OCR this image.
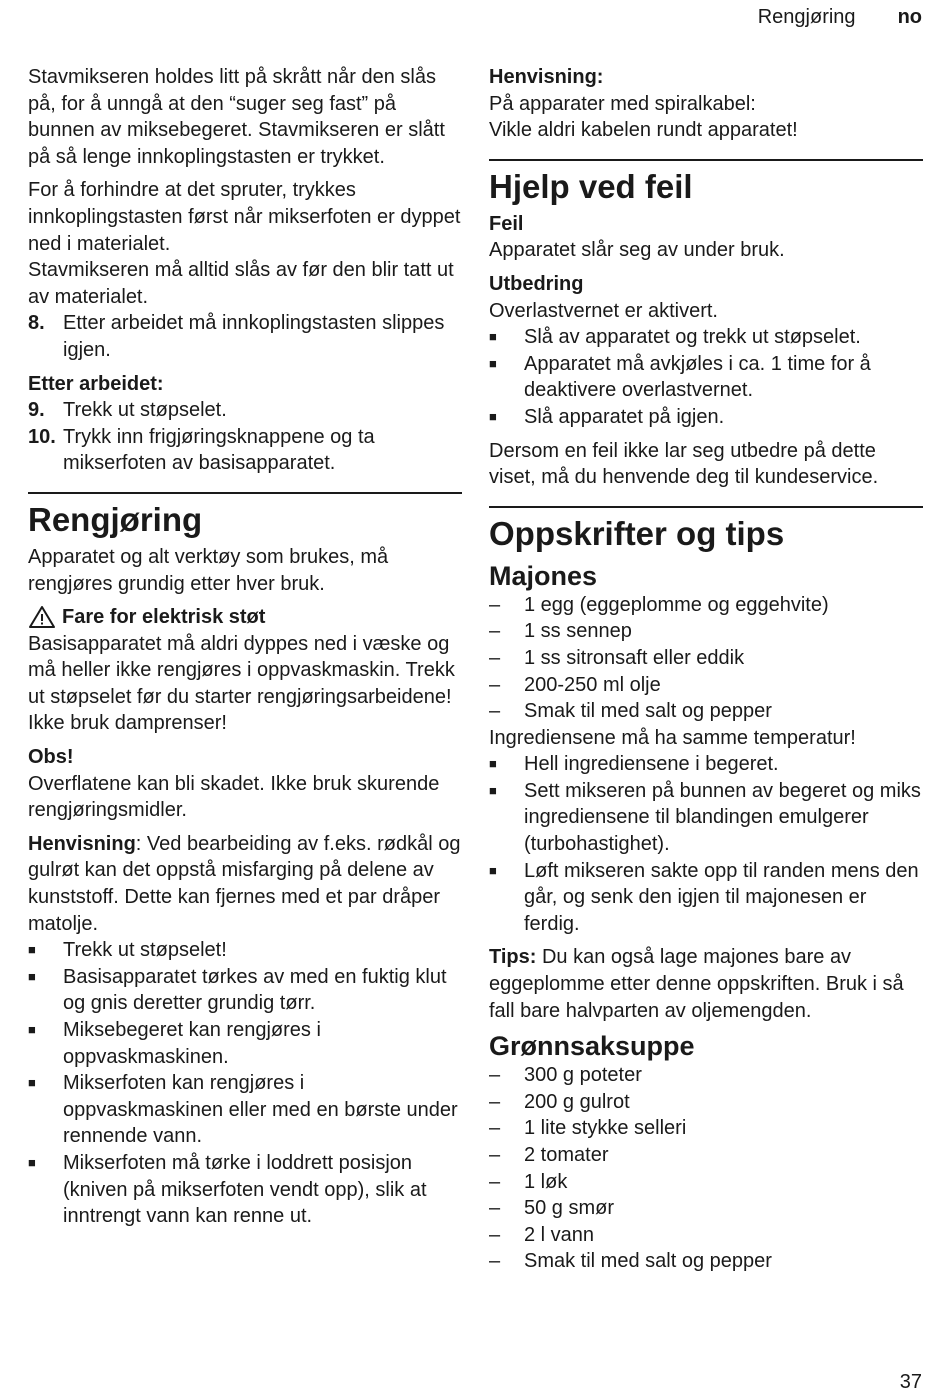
Rengjøring no

Stavmikseren holdes litt på skrått når den slås på, for å unngå at den “suger seg fast” på bunnen av miksebegeret. Stavmikseren er slått på så lenge innkoplingstasten er trykket.

For å forhindre at det spruter, trykkes innkoplingstasten først når mikserfoten er dyppet ned i materialet.

Stavmikseren må alltid slås av før den blir tatt ut av materialet.

8. Etter arbeidet må innkoplingstasten slippes igjen.

Etter arbeidet:

9. Trekk ut støpselet.
10. Trykk inn frigjøringsknappene og ta mikserfoten av basisapparatet.
Rengjøring

Apparatet og alt verktøy som brukes, må rengjøres grundig etter hver bruk.

Fare for elektrisk støt

Basisapparatet må aldri dyppes ned i væske og må heller ikke rengjøres i oppvaskmaskin. Trekk ut støpselet før du starter rengjøringsarbeidene! Ikke bruk damprenser!

Obs!

Overflatene kan bli skadet. Ikke bruk skurende rengjøringsmidler.

Henvisning: Ved bearbeiding av f.eks. rødkål og gulrøt kan det oppstå misfarging på delene av kunststoff. Dette kan fjernes med et par dråper matolje.

■	Trekk ut støpselet!
■	Basisapparatet tørkes av med en fuktig klut og gnis deretter grundig tørr.
■	Miksebegeret kan rengjøres i oppvaskmaskinen.
■	Mikserfoten kan rengjøres i oppvaskmaskinen eller med en børste under rennende vann.
■	Mikserfoten må tørke i loddrett posisjon (kniven på mikserfoten vendt opp), slik at inntrengt vann kan renne ut.

Henvisning:

På apparater med spiralkabel:

Vikle aldri kabelen rundt apparatet!

Hjelp ved feil

Feil

Apparatet slår seg av under bruk.

Utbedring

Overlastvernet er aktivert.

■	Slå av apparatet og trekk ut støpselet.
■	Apparatet må avkjøles i ca. 1 time for å deaktivere overlastvernet.
■	Slå apparatet på igjen.

Dersom en feil ikke lar seg utbedre på dette viset, må du henvende deg til kundeservice.

Oppskrifter og tips
Majones
–	1 egg (eggeplomme og eggehvite)
–	1 ss sennep
–	1 ss sitronsaft eller eddik
–	200-250 ml olje
–	Smak til med salt og pepper

Ingrediensene må ha samme temperatur!

■	Hell ingrediensene i begeret.
■	Sett mikseren på bunnen av begeret og miks ingrediensene til blandingen emulgerer (turbohastighet).
■	Løft mikseren sakte opp til randen mens den går, og senk den igjen til majonesen er ferdig.

Tips: Du kan også lage majones bare av eggeplomme etter denne oppskriften. Bruk i så fall bare halvparten av oljemengden.

Grønnsaksuppe
–	300 g poteter
–	200 g gulrot
–	1 lite stykke selleri
–	2 tomater
–	1 løk
–	50 g smør
–	2 l vann
–	Smak til med salt og pepper
37
